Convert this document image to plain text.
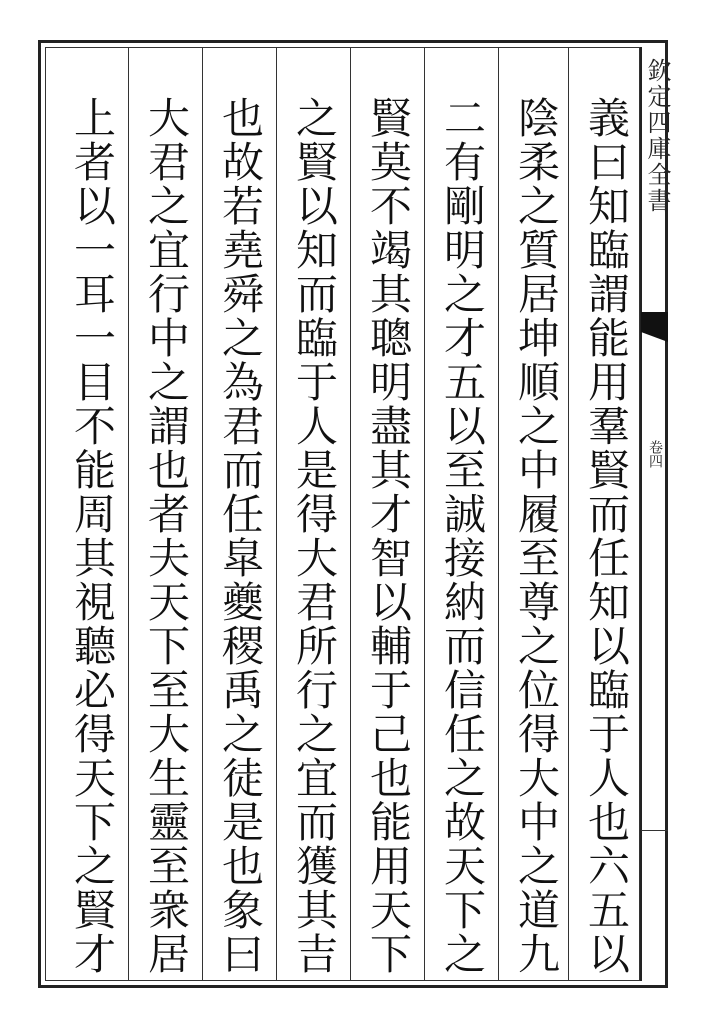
欽定四庫全書
卷四
義曰知臨謂能用羣賢而任知以臨于人也六五以
陰柔之質居坤順之中履至尊之位得大中之道九
二有剛明之才五以至誠接納而信任之故天下之
賢莫不竭其聰明盡其才智以輔于己也能用天下
之賢以知而臨于人是得大君所行之宜而獲其吉
也故若堯舜之為君而任皐夔稷禹之徒是也象曰
大君之宜行中之謂也者夫天下至大生靈至衆居
上者以一耳一目不能周其視聽必得天下之賢才
